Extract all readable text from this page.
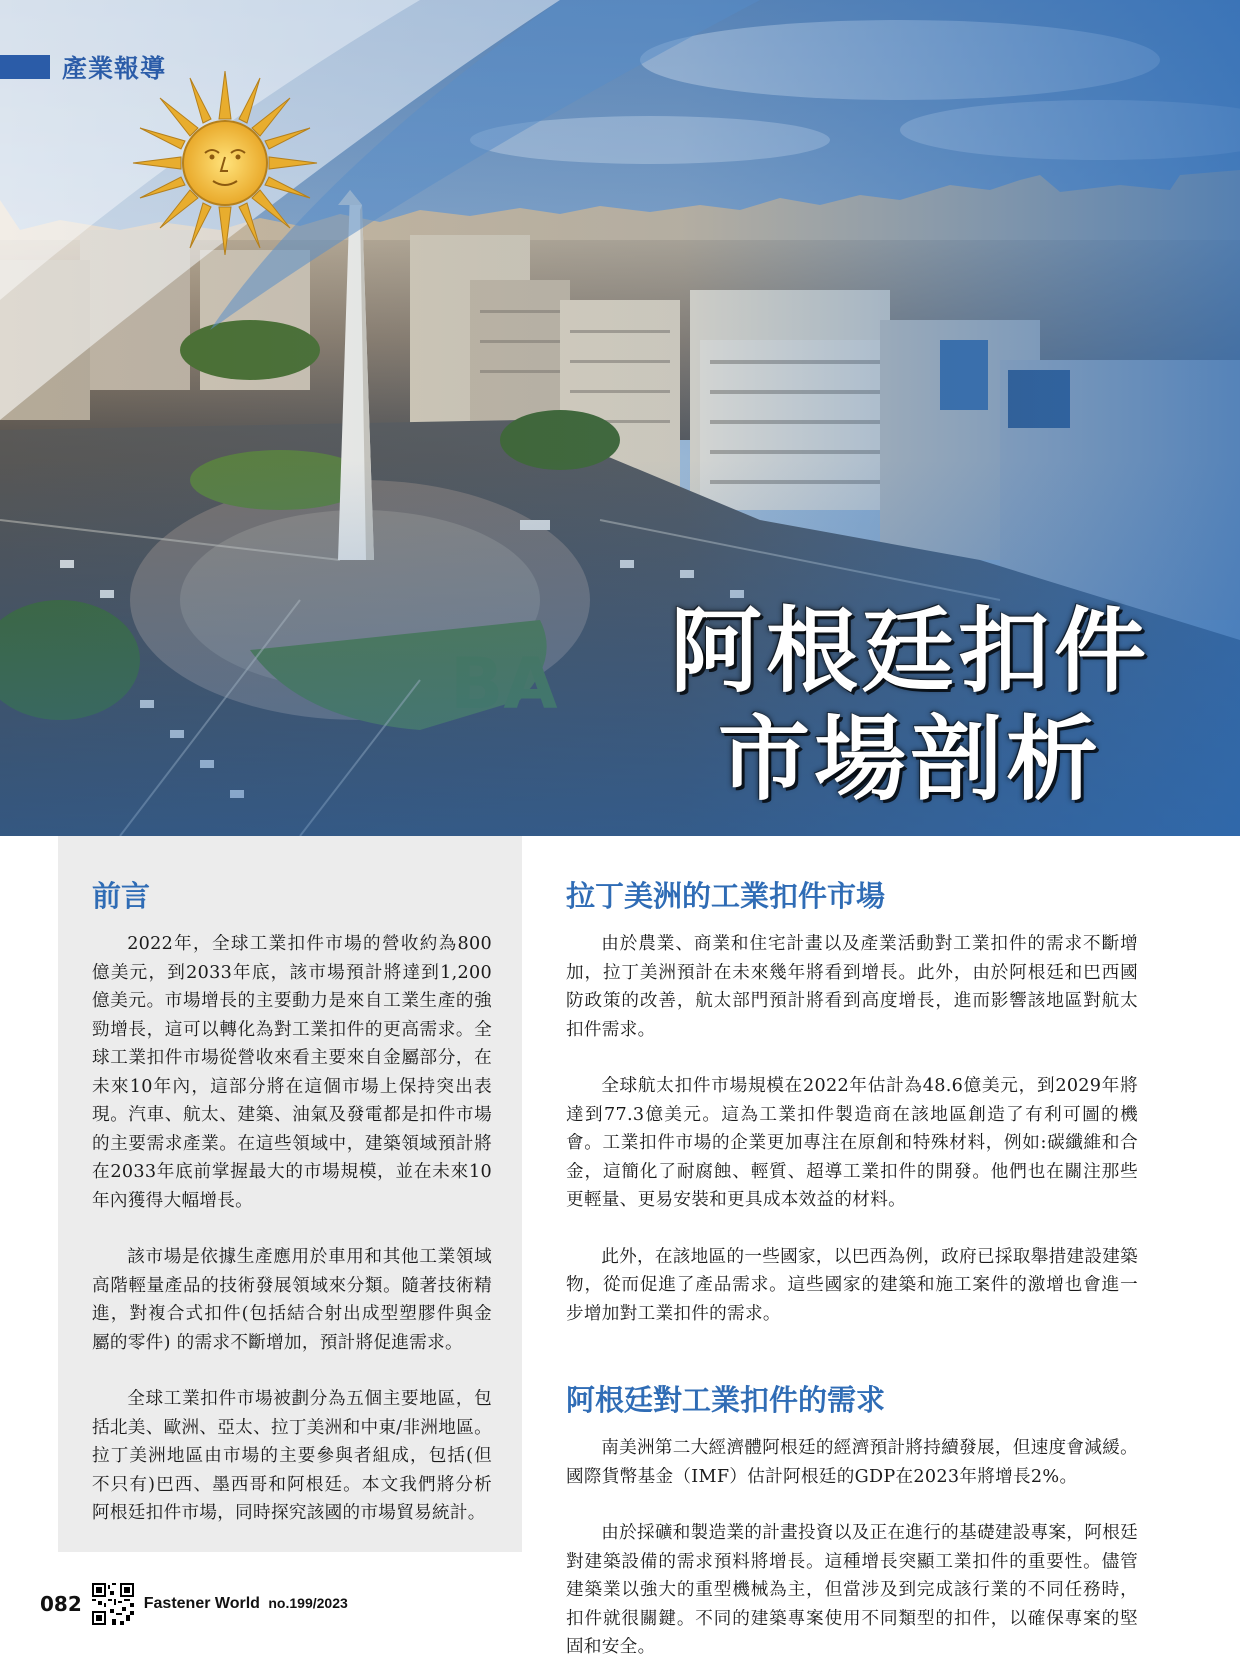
產業報導
阿根廷扣件
市場剖析
前言

2022年，全球工業扣件市場的營收約為800億美元，到2033年底，該市場預計將達到1,200億美元。市場增長的主要動力是來自工業生產的強勁增長，這可以轉化為對工業扣件的更高需求。全球工業扣件市場從營收來看主要來自金屬部分，在未來10年內，這部分將在這個市場上保持突出表現。汽車、航太、建築、油氣及發電都是扣件市場的主要需求產業。在這些領域中，建築領域預計將在2033年底前掌握最大的市場規模，並在未來10年內獲得大幅增長。

該市場是依據生產應用於車用和其他工業領域高階輕量產品的技術發展領域來分類。隨著技術精進，對複合式扣件(包括結合射出成型塑膠件與金屬的零件) 的需求不斷增加，預計將促進需求。

全球工業扣件市場被劃分為五個主要地區，包括北美、歐洲、亞太、拉丁美洲和中東/非洲地區。拉丁美洲地區由市場的主要參與者組成，包括(但不只有)巴西、墨西哥和阿根廷。本文我們將分析阿根廷扣件市場，同時探究該國的市場貿易統計。

拉丁美洲的工業扣件市場

由於農業、商業和住宅計畫以及產業活動對工業扣件的需求不斷增加，拉丁美洲預計在未來幾年將看到增長。此外，由於阿根廷和巴西國防政策的改善，航太部門預計將看到高度增長，進而影響該地區對航太扣件需求。

全球航太扣件市場規模在2022年估計為48.6億美元，到2029年將達到77.3億美元。這為工業扣件製造商在該地區創造了有利可圖的機會。工業扣件市場的企業更加專注在原創和特殊材料，例如:碳纖維和合金，這簡化了耐腐蝕、輕質、超導工業扣件的開發。他們也在關注那些更輕量、更易安裝和更具成本效益的材料。

此外，在該地區的一些國家，以巴西為例，政府已採取舉措建設建築物，從而促進了產品需求。這些國家的建築和施工案件的激增也會進一步增加對工業扣件的需求。

阿根廷對工業扣件的需求

南美洲第二大經濟體阿根廷的經濟預計將持續發展，但速度會減緩。國際貨幣基金（IMF）估計阿根廷的GDP在2023年將增長2%。

由於採礦和製造業的計畫投資以及正在進行的基礎建設專案，阿根廷對建築設備的需求預料將增長。這種增長突顯工業扣件的重要性。儘管建築業以強大的重型機械為主，但當涉及到完成該行業的不同任務時，扣件就很關鍵。不同的建築專案使用不同類型的扣件，以確保專案的堅固和安全。

082	Fastener World no.199/2023
